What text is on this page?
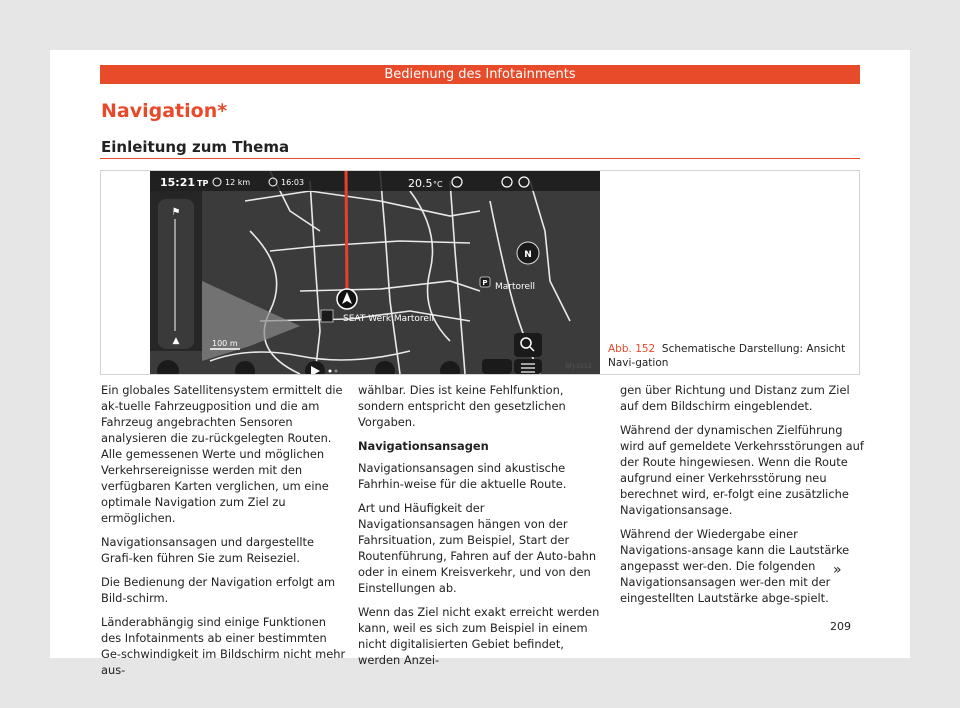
Bedienung des Infotainments
Navigation*
Einleitung zum Thema
⚑
▲
15:21 TP 12 km	16:03	20.5 °C
SEAT Werk Martorell
P Martorell
N
100 m	Abb. 152 Schematische Darstellung: Ansicht Navi-gation
BFJ-0212

Ein globales Satellitensystem ermittelt die ak-tuelle Fahrzeugposition und die am Fahrzeug angebrachten Sensoren analysieren die zu-rückgelegten Routen. Alle gemessenen Werte und möglichen Verkehrsereignisse werden mit den verfügbaren Karten verglichen, um eine optimale Navigation zum Ziel zu ermöglichen.

Navigationsansagen und dargestellte Grafi-ken führen Sie zum Reiseziel.

Die Bedienung der Navigation erfolgt am Bild-schirm.

Länderabhängig sind einige Funktionen des Infotainments ab einer bestimmten Ge-schwindigkeit im Bildschirm nicht mehr aus-

wählbar. Dies ist keine Fehlfunktion, sondern entspricht den gesetzlichen Vorgaben.

Navigationsansagen

Navigationsansagen sind akustische Fahrhin-weise für die aktuelle Route.

Art und Häufigkeit der Navigationsansagen hängen von der Fahrsituation, zum Beispiel, Start der Routenführung, Fahren auf der Auto-bahn oder in einem Kreisverkehr, und von den Einstellungen ab.

Wenn das Ziel nicht exakt erreicht werden kann, weil es sich zum Beispiel in einem nicht digitalisierten Gebiet befindet, werden Anzei-

gen über Richtung und Distanz zum Ziel auf dem Bildschirm eingeblendet.

Während der dynamischen Zielführung wird auf gemeldete Verkehrsstörungen auf der Route hingewiesen. Wenn die Route aufgrund einer Verkehrsstörung neu berechnet wird, er-folgt eine zusätzliche Navigationsansage.

Während der Wiedergabe einer Navigations-ansage kann die Lautstärke angepasst wer-den. Die folgenden Navigationsansagen wer-den mit der eingestellten Lautstärke abge-spielt.

»
209
